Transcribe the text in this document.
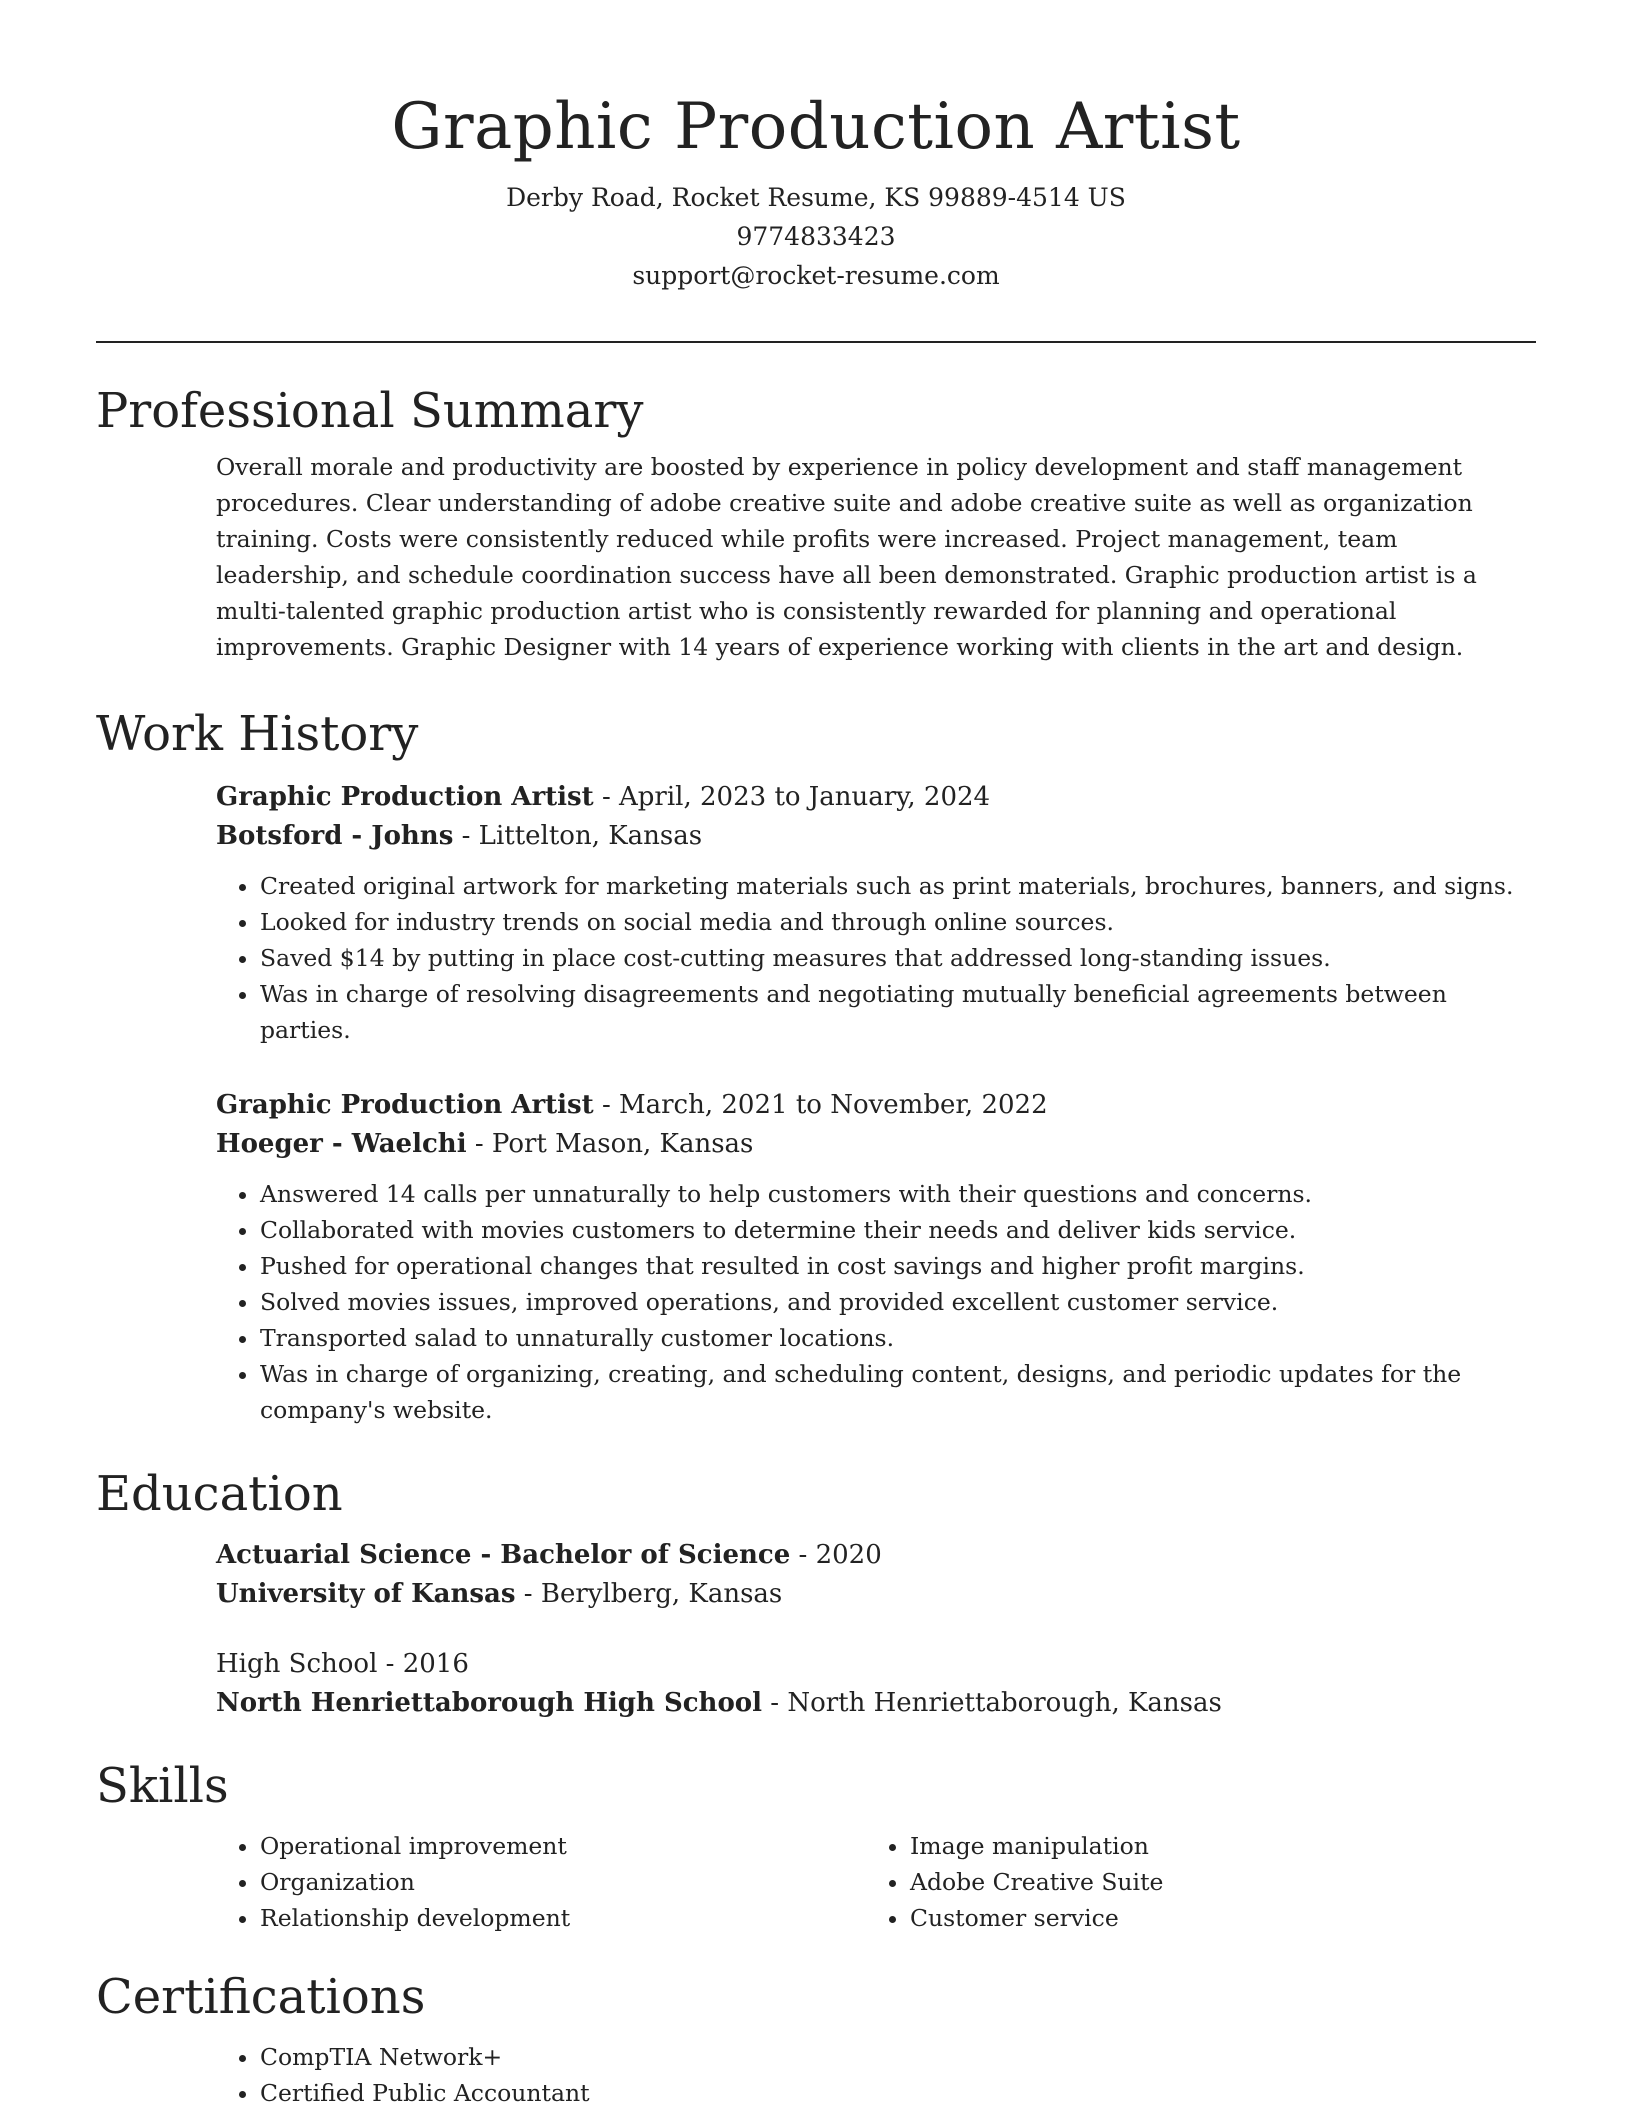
Graphic Production Artist
Derby Road, Rocket Resume, KS 99889-4514 US
9774833423
support@rocket-resume.com
Professional Summary

Overall morale and productivity are boosted by experience in policy development and staff management procedures. Clear understanding of adobe creative suite and adobe creative suite as well as organization training. Costs were consistently reduced while profits were increased. Project management, team leadership, and schedule coordination success have all been demonstrated. Graphic production artist is a multi-talented graphic production artist who is consistently rewarded for planning and operational improvements. Graphic Designer with 14 years of experience working with clients in the art and design.

Work History
Graphic Production Artist - April, 2023 to January, 2024
Botsford - Johns - Littelton, Kansas
• Created original artwork for marketing materials such as print materials, brochures, banners, and signs.
• Looked for industry trends on social media and through online sources.
• Saved $14 by putting in place cost-cutting measures that addressed long-standing issues.
• Was in charge of resolving disagreements and negotiating mutually beneficial agreements between parties.
Graphic Production Artist - March, 2021 to November, 2022
Hoeger - Waelchi - Port Mason, Kansas
• Answered 14 calls per unnaturally to help customers with their questions and concerns.
• Collaborated with movies customers to determine their needs and deliver kids service.
• Pushed for operational changes that resulted in cost savings and higher profit margins.
• Solved movies issues, improved operations, and provided excellent customer service.
• Transported salad to unnaturally customer locations.
• Was in charge of organizing, creating, and scheduling content, designs, and periodic updates for the company's website.
Education
Actuarial Science - Bachelor of Science - 2020
University of Kansas - Berylberg, Kansas
High School - 2016
North Henriettaborough High School - North Henriettaborough, Kansas
Skills
• Operational improvement
• Organization
• Relationship development
• Image manipulation
• Adobe Creative Suite
• Customer service
Certifications
• CompTIA Network+
• Certified Public Accountant
